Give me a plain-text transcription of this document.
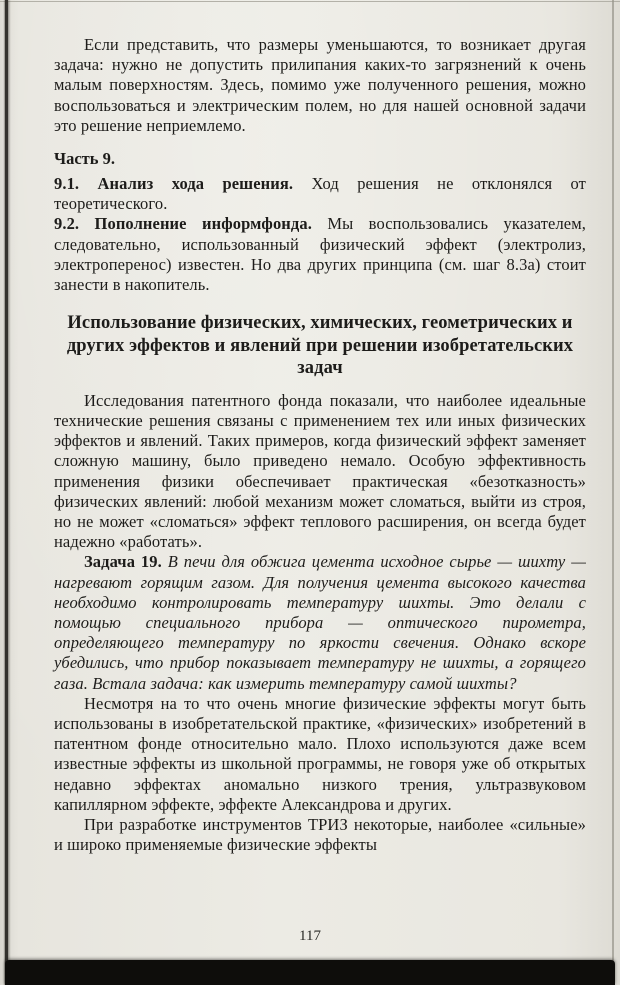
Если представить, что размеры уменьшаются, то возникает другая задача: нужно не допустить прилипания каких-то загрязнений к очень малым поверхностям. Здесь, помимо уже полученного решения, можно воспользоваться и электрическим полем, но для нашей основной задачи это решение неприемлемо.

Часть 9.

9.1. Анализ хода решения. Ход решения не отклонялся от теоретического.

9.2. Пополнение информфонда. Мы воспользовались указателем, следовательно, использованный физический эффект (электролиз, электроперенос) известен. Но два других принципа (см. шаг 8.3а) стоит занести в накопитель.

Использование физических, химических, геометрических и других эффектов и явлений при решении изобретательских задач

Исследования патентного фонда показали, что наиболее идеальные технические решения связаны с применением тех или иных физических эффектов и явлений. Таких примеров, когда физический эффект заменяет сложную машину, было приведено немало. Особую эффективность применения физики обеспечивает практическая «безотказность» физических явлений: любой механизм может сломаться, выйти из строя, но не может «сломаться» эффект теплового расширения, он всегда будет надежно «работать».

Задача 19. В печи для обжига цемента исходное сырье — шихту — нагревают горящим газом. Для получения цемента высокого качества необходимо контролировать температуру шихты. Это делали с помощью специального прибора — оптического пирометра, определяющего температуру по яркости свечения. Однако вскоре убедились, что прибор показывает температуру не шихты, а горящего газа. Встала задача: как измерить температуру самой шихты?

Несмотря на то что очень многие физические эффекты могут быть использованы в изобретательской практике, «физических» изобретений в патентном фонде относительно мало. Плохо используются даже всем известные эффекты из школьной программы, не говоря уже об открытых недавно эффектах аномально низкого трения, ультразвуковом капиллярном эффекте, эффекте Александрова и других.

При разработке инструментов ТРИЗ некоторые, наиболее «сильные» и широко применяемые физические эффекты

117
